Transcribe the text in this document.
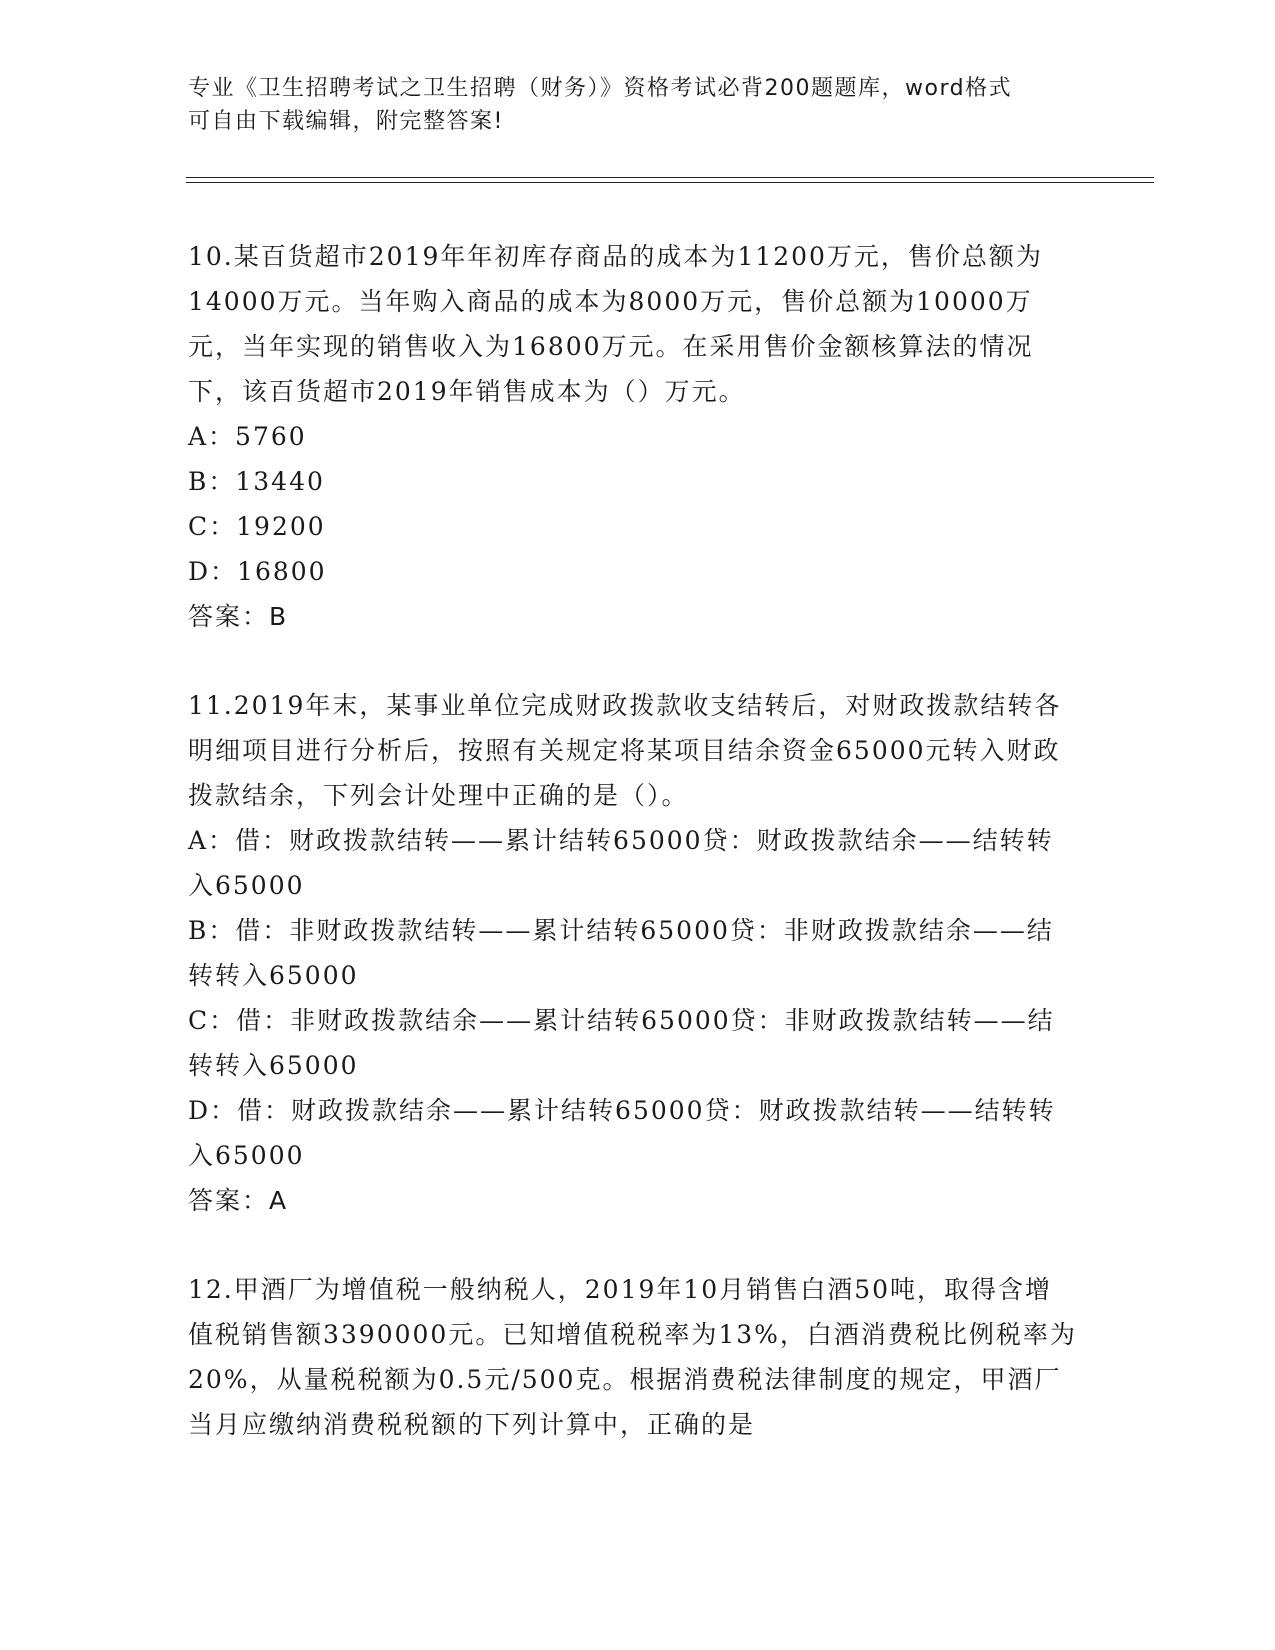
专业《卫生招聘考试之卫生招聘（财务）》资格考试必背200题题库，word格式
可自由下载编辑，附完整答案!
10.某百货超市2019年年初库存商品的成本为11200万元，售价总额为14000万元。当年购入商品的成本为8000万元，售价总额为10000万元，当年实现的销售收入为16800万元。在采用售价金额核算法的情况下，该百货超市2019年销售成本为（）万元。
A：5760
B：13440
C：19200
D：16800
答案：B
11.2019年末，某事业单位完成财政拨款收支结转后，对财政拨款结转各明细项目进行分析后，按照有关规定将某项目结余资金65000元转入财政拨款结余，下列会计处理中正确的是（）。
A：借：财政拨款结转——累计结转65000贷：财政拨款结余——结转转入65000
B：借：非财政拨款结转——累计结转65000贷：非财政拨款结余——结转转入65000
C：借：非财政拨款结余——累计结转65000贷：非财政拨款结转——结转转入65000
D：借：财政拨款结余——累计结转65000贷：财政拨款结转——结转转入65000
答案：A
12.甲酒厂为增值税一般纳税人，2019年10月销售白酒50吨，取得含增值税销售额3390000元。已知增值税税率为13%，白酒消费税比例税率为20%，从量税税额为0.5元/500克。根据消费税法律制度的规定，甲酒厂当月应缴纳消费税税额的下列计算中，正确的是
